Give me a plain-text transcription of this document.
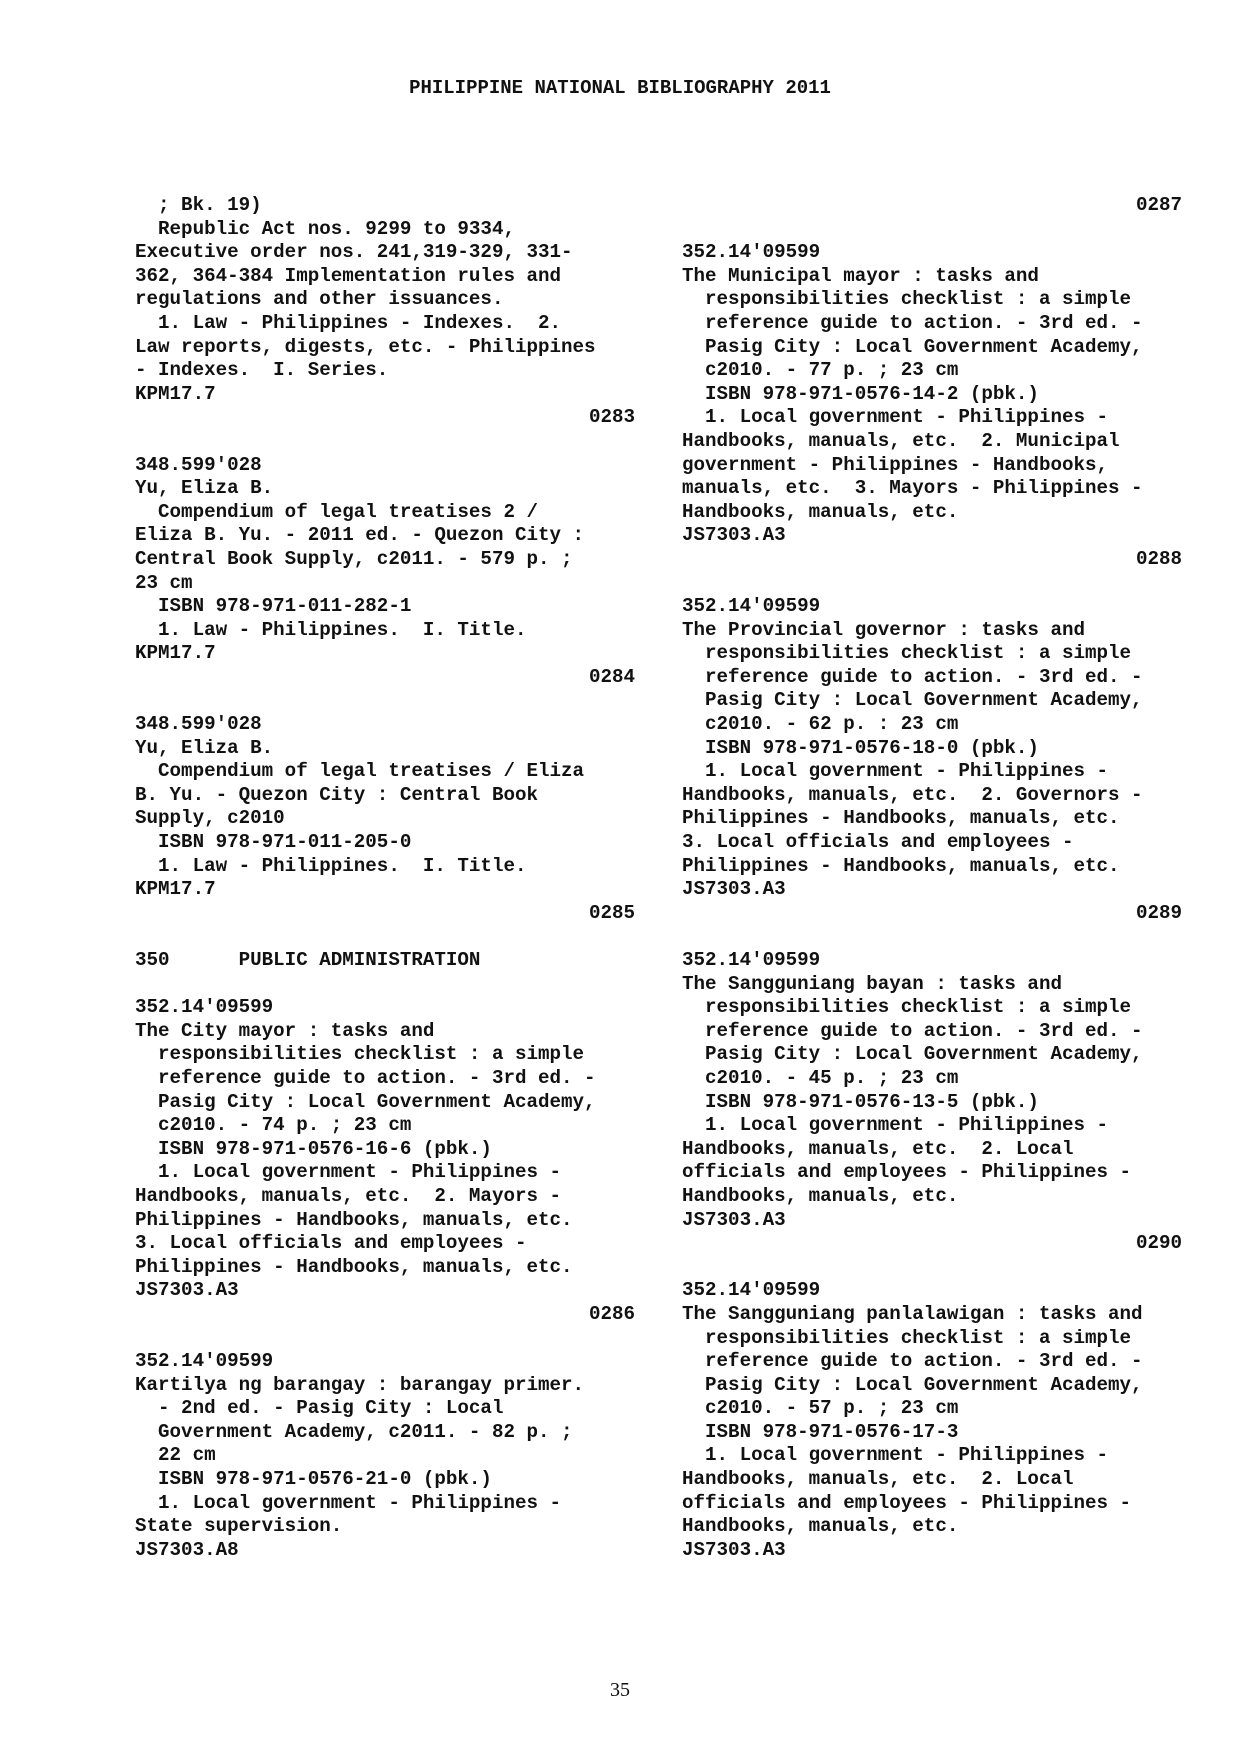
PHILIPPINE NATIONAL BIBLIOGRAPHY 2011
; Bk. 19)
Republic Act nos. 9299 to 9334,
Executive order nos. 241,319-329, 331-
362, 364-384 Implementation rules and
regulations and other issuances.
1. Law - Philippines - Indexes.  2.
Law reports, digests, etc. - Philippines
- Indexes.  I. Series.
KPM17.7
0283
348.599'028
Yu, Eliza B.
Compendium of legal treatises 2 /
Eliza B. Yu. - 2011 ed. - Quezon City :
Central Book Supply, c2011. - 579 p. ;
23 cm
ISBN 978-971-011-282-1
1. Law - Philippines.  I. Title.
KPM17.7
0284
348.599'028
Yu, Eliza B.
Compendium of legal treatises / Eliza
B. Yu. - Quezon City : Central Book
Supply, c2010
ISBN 978-971-011-205-0
1. Law - Philippines.  I. Title.
KPM17.7
0285
350      PUBLIC ADMINISTRATION
352.14'09599
The City mayor : tasks and
responsibilities checklist : a simple
reference guide to action. - 3rd ed. -
Pasig City : Local Government Academy,
c2010. - 74 p. ; 23 cm
ISBN 978-971-0576-16-6 (pbk.)
1. Local government - Philippines -
Handbooks, manuals, etc.  2. Mayors -
Philippines - Handbooks, manuals, etc.
3. Local officials and employees -
Philippines - Handbooks, manuals, etc.
JS7303.A3
0286
352.14'09599
Kartilya ng barangay : barangay primer.
- 2nd ed. - Pasig City : Local
Government Academy, c2011. - 82 p. ;
22 cm
ISBN 978-971-0576-21-0 (pbk.)
1. Local government - Philippines -
State supervision.
JS7303.A8
0287
352.14'09599
The Municipal mayor : tasks and
responsibilities checklist : a simple
reference guide to action. - 3rd ed. -
Pasig City : Local Government Academy,
c2010. - 77 p. ; 23 cm
ISBN 978-971-0576-14-2 (pbk.)
1. Local government - Philippines -
Handbooks, manuals, etc.  2. Municipal
government - Philippines - Handbooks,
manuals, etc.  3. Mayors - Philippines -
Handbooks, manuals, etc.
JS7303.A3
0288
352.14'09599
The Provincial governor : tasks and
responsibilities checklist : a simple
reference guide to action. - 3rd ed. -
Pasig City : Local Government Academy,
c2010. - 62 p. : 23 cm
ISBN 978-971-0576-18-0 (pbk.)
1. Local government - Philippines -
Handbooks, manuals, etc.  2. Governors -
Philippines - Handbooks, manuals, etc.
3. Local officials and employees -
Philippines - Handbooks, manuals, etc.
JS7303.A3
0289
352.14'09599
The Sangguniang bayan : tasks and
responsibilities checklist : a simple
reference guide to action. - 3rd ed. -
Pasig City : Local Government Academy,
c2010. - 45 p. ; 23 cm
ISBN 978-971-0576-13-5 (pbk.)
1. Local government - Philippines -
Handbooks, manuals, etc.  2. Local
officials and employees - Philippines -
Handbooks, manuals, etc.
JS7303.A3
0290
352.14'09599
The Sangguniang panlalawigan : tasks and
responsibilities checklist : a simple
reference guide to action. - 3rd ed. -
Pasig City : Local Government Academy,
c2010. - 57 p. ; 23 cm
ISBN 978-971-0576-17-3
1. Local government - Philippines -
Handbooks, manuals, etc.  2. Local
officials and employees - Philippines -
Handbooks, manuals, etc.
JS7303.A3
35
